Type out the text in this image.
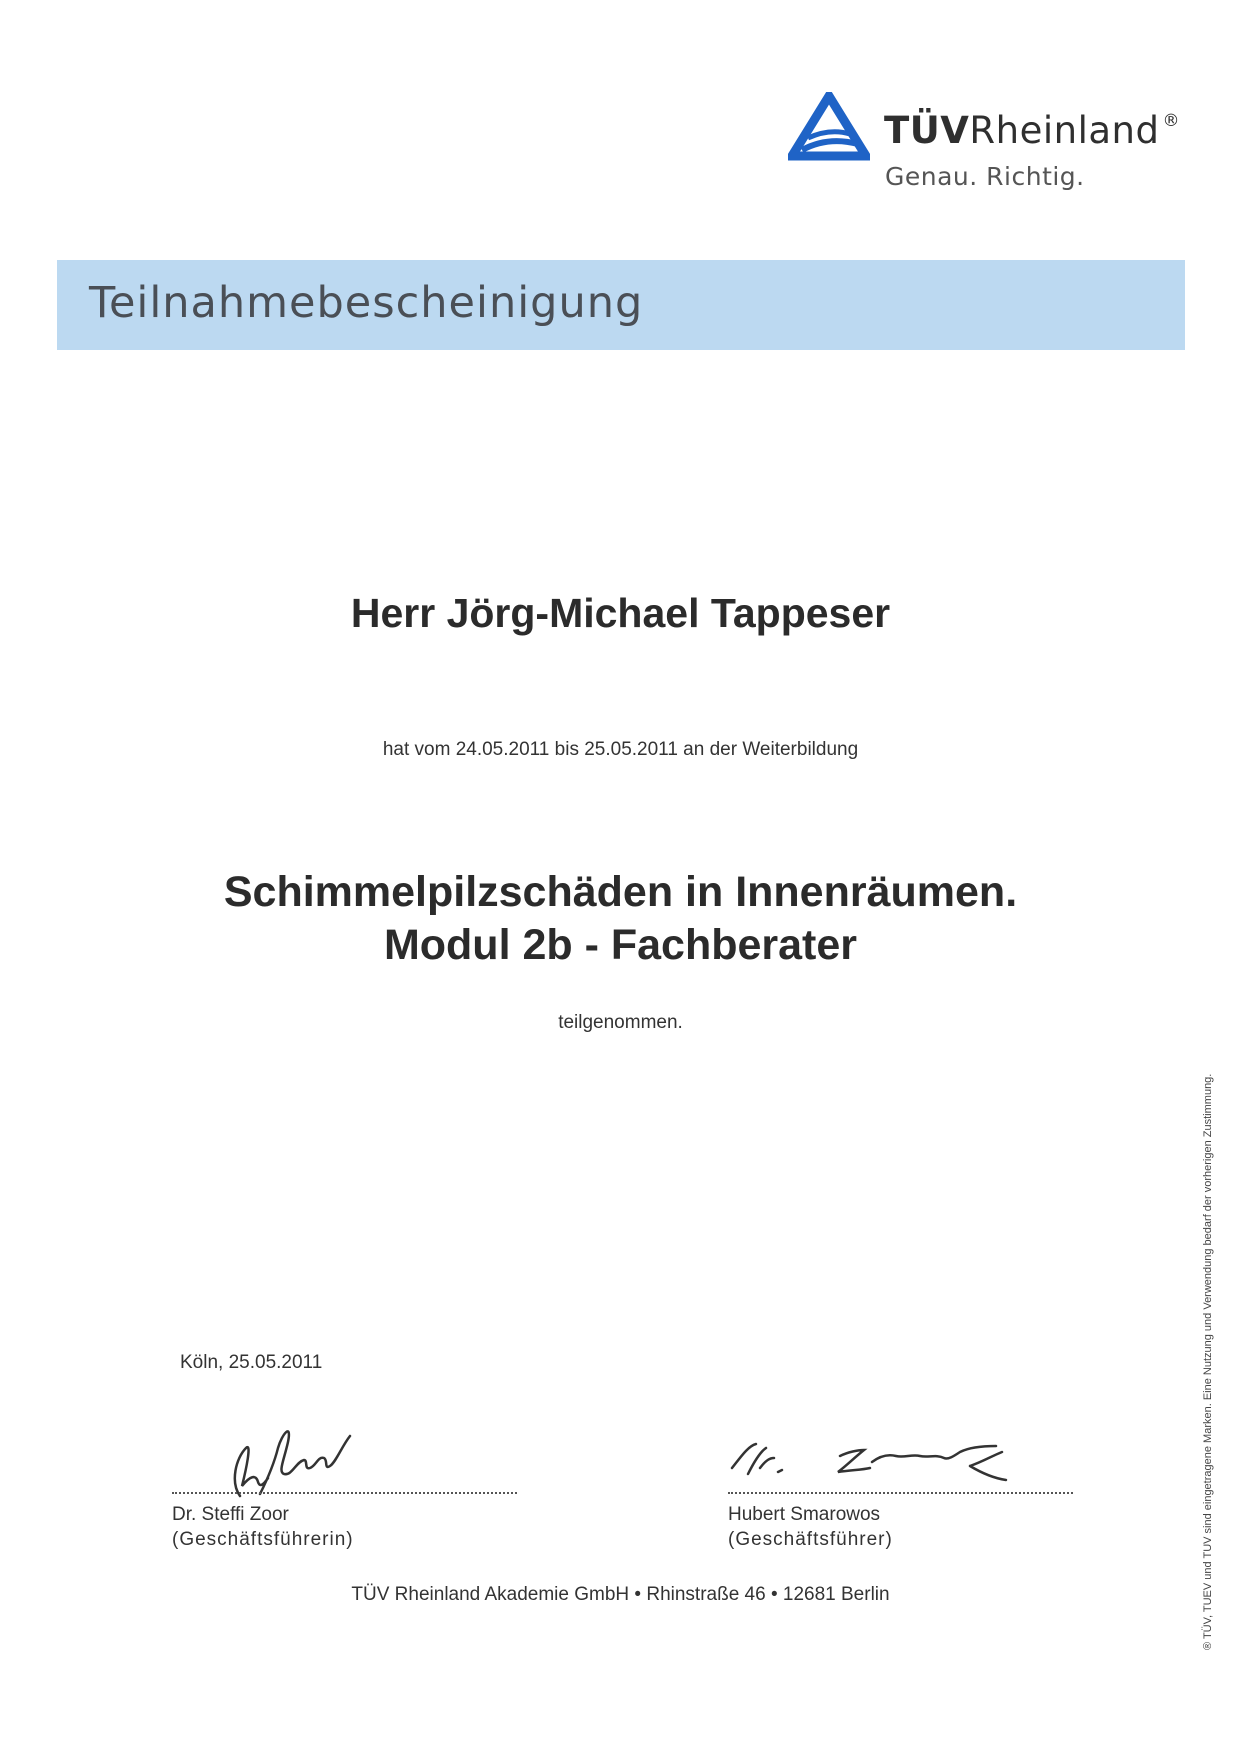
TÜVRheinland ®
Genau. Richtig.
Teilnahmebescheinigung
Herr Jörg-Michael Tappeser
hat vom 24.05.2011 bis 25.05.2011 an der Weiterbildung
Schimmelpilzschäden in Innenräumen.
Modul 2b - Fachberater
teilgenommen.
Köln, 25.05.2011
Dr. Steffi Zoor
(Geschäftsführerin)
Hubert Smarowos
(Geschäftsführer)
TÜV Rheinland Akademie GmbH • Rhinstraße 46 • 12681 Berlin	® TÜV, TUEV und TUV sind eingetragene Marken. Eine Nutzung und Verwendung bedarf der vorherigen Zustimmung.
